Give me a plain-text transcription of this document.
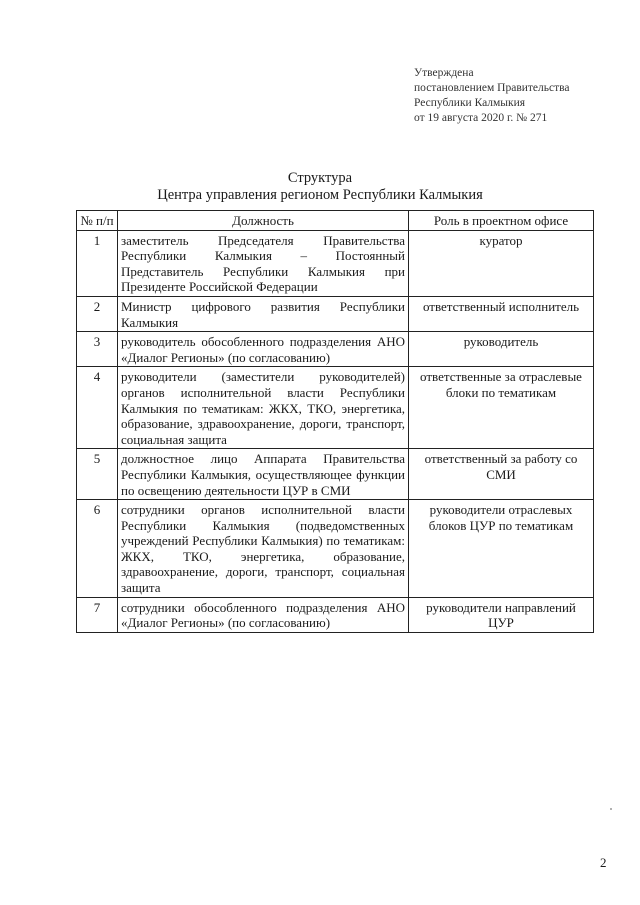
Утверждена
постановлением Правительства
Республики Калмыкия
от 19 августа 2020 г. № 271
Структура
Центра управления регионом Республики Калмыкия
№ п/п	Должность	Роль в проектном офисе
1	заместитель Председателя Правительства Республики Калмыкия – Постоянный Представитель Республики Калмыкия при Президенте Российской Федерации	куратор
2	Министр цифрового развития Республики Калмыкия	ответственный исполнитель
3	руководитель обособленного подразделения АНО «Диалог Регионы» (по согласованию)	руководитель
4	руководители (заместители руководителей) органов исполнительной власти Республики Калмыкия по тематикам: ЖКХ, ТКО, энергетика, образование, здравоохранение, дороги, транспорт, социальная защита	ответственные за отраслевые блоки по тематикам
5	должностное лицо Аппарата Правительства Республики Калмыкия, осуществляющее функции по освещению деятельности ЦУР в СМИ	ответственный за работу со СМИ
6	сотрудники органов исполнительной власти Республики Калмыкия (подведомственных учреждений Республики Калмыкия) по тематикам: ЖКХ, ТКО, энергетика, образование, здравоохранение, дороги, транспорт, социальная защита	руководители отраслевых блоков ЦУР по тематикам
7	сотрудники обособленного подразделения АНО «Диалог Регионы» (по согласованию)	руководители направлений ЦУР
2
